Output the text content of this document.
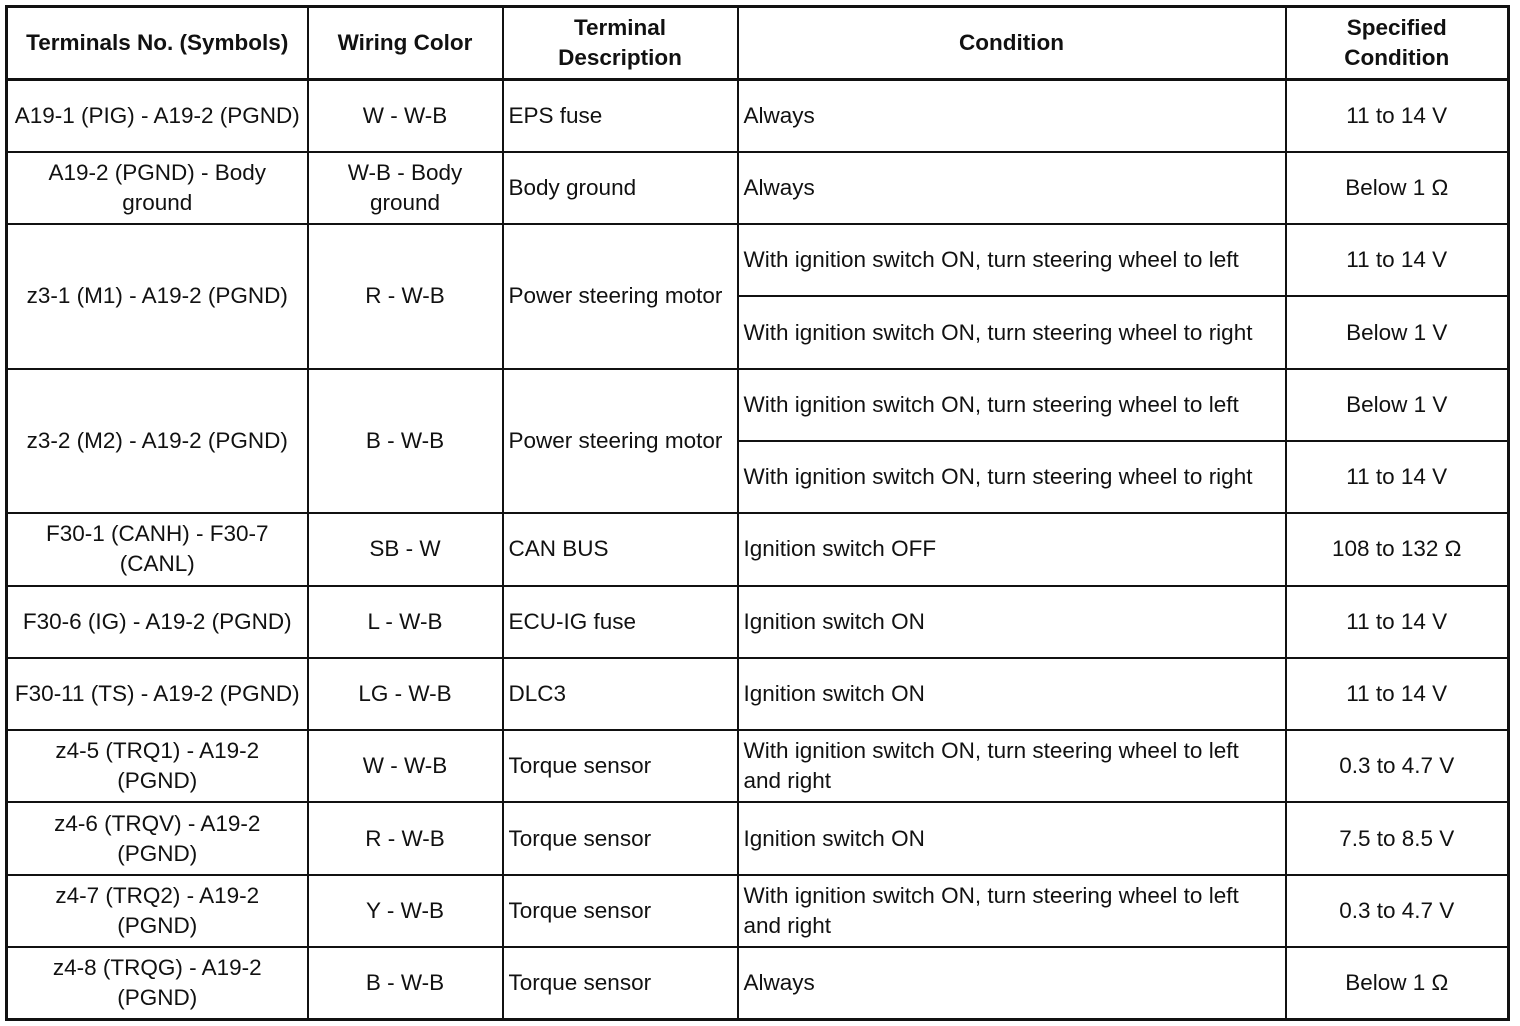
Terminals No. (Symbols)	Wiring Color	Terminal Description	Condition	Specified Condition
A19-1 (PIG) - A19-2 (PGND)	W - W-B	EPS fuse	Always	11 to 14 V
A19-2 (PGND) - Body ground	W-B - Body ground	Body ground	Always	Below 1 Ω
z3-1 (M1) - A19-2 (PGND)	R - W-B	Power steering motor	With ignition switch ON, turn steering wheel to left	11 to 14 V
			With ignition switch ON, turn steering wheel to right	Below 1 V
z3-2 (M2) - A19-2 (PGND)	B - W-B	Power steering motor	With ignition switch ON, turn steering wheel to left	Below 1 V
			With ignition switch ON, turn steering wheel to right	11 to 14 V
F30-1 (CANH) - F30-7 (CANL)	SB - W	CAN BUS	Ignition switch OFF	108 to 132 Ω
F30-6 (IG) - A19-2 (PGND)	L - W-B	ECU-IG fuse	Ignition switch ON	11 to 14 V
F30-11 (TS) - A19-2 (PGND)	LG - W-B	DLC3	Ignition switch ON	11 to 14 V
z4-5 (TRQ1) - A19-2 (PGND)	W - W-B	Torque sensor	With ignition switch ON, turn steering wheel to left and right	0.3 to 4.7 V
z4-6 (TRQV) - A19-2 (PGND)	R - W-B	Torque sensor	Ignition switch ON	7.5 to 8.5 V
z4-7 (TRQ2) - A19-2 (PGND)	Y - W-B	Torque sensor	With ignition switch ON, turn steering wheel to left and right	0.3 to 4.7 V
z4-8 (TRQG) - A19-2 (PGND)	B - W-B	Torque sensor	Always	Below 1 Ω
